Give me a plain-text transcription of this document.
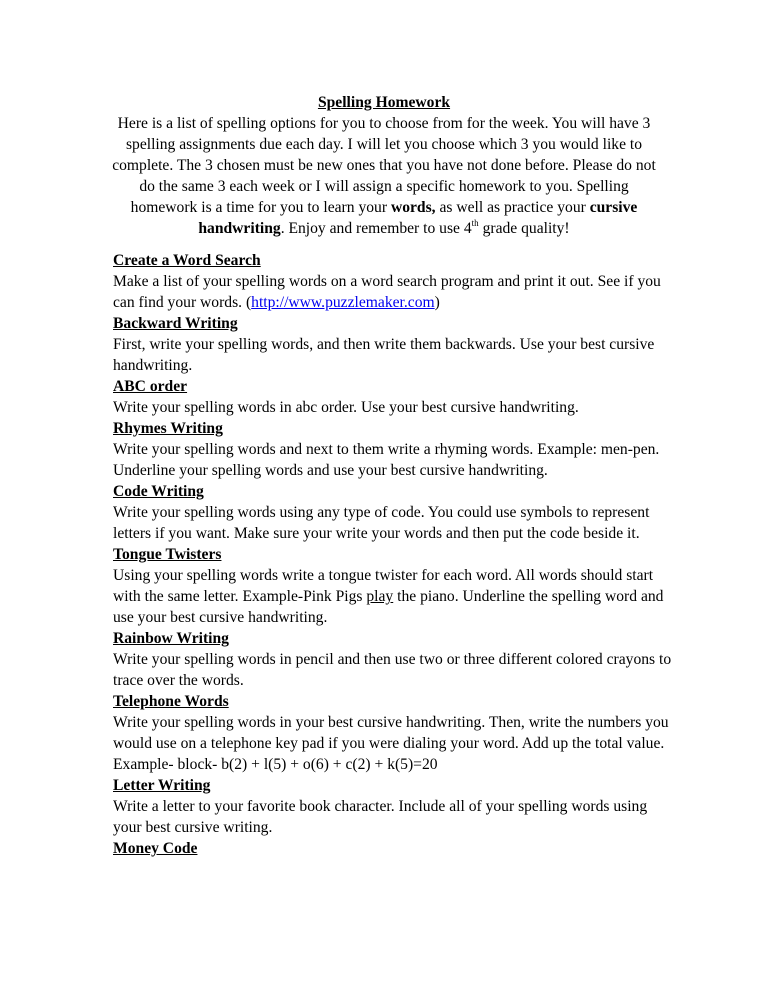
Spelling Homework
Here is a list of spelling options for you to choose from for the week. You will have 3 spelling assignments due each day. I will let you choose which 3 you would like to complete. The 3 chosen must be new ones that you have not done before. Please do not do the same 3 each week or I will assign a specific homework to you. Spelling homework is a time for you to learn your words, as well as practice your cursive handwriting. Enjoy and remember to use 4th grade quality!
Create a Word Search
Make a list of your spelling words on a word search program and print it out. See if you can find your words. (http://www.puzzlemaker.com)
Backward Writing
First, write your spelling words, and then write them backwards. Use your best cursive handwriting.
ABC order
Write your spelling words in abc order. Use your best cursive handwriting.
Rhymes Writing
Write your spelling words and next to them write a rhyming words. Example: men-pen. Underline your spelling words and use your best cursive handwriting.
Code Writing
Write your spelling words using any type of code. You could use symbols to represent letters if you want. Make sure your write your words and then put the code beside it.
Tongue Twisters
Using your spelling words write a tongue twister for each word. All words should start with the same letter. Example-Pink Pigs play the piano. Underline the spelling word and use your best cursive handwriting.
Rainbow Writing
Write your spelling words in pencil and then use two or three different colored crayons to trace over the words.
Telephone Words
Write your spelling words in your best cursive handwriting. Then, write the numbers you would use on a telephone key pad if you were dialing your word. Add up the total value.
Example- block- b(2) + l(5) + o(6) + c(2) + k(5)=20
Letter Writing
Write a letter to your favorite book character. Include all of your spelling words using your best cursive writing.
Money Code
